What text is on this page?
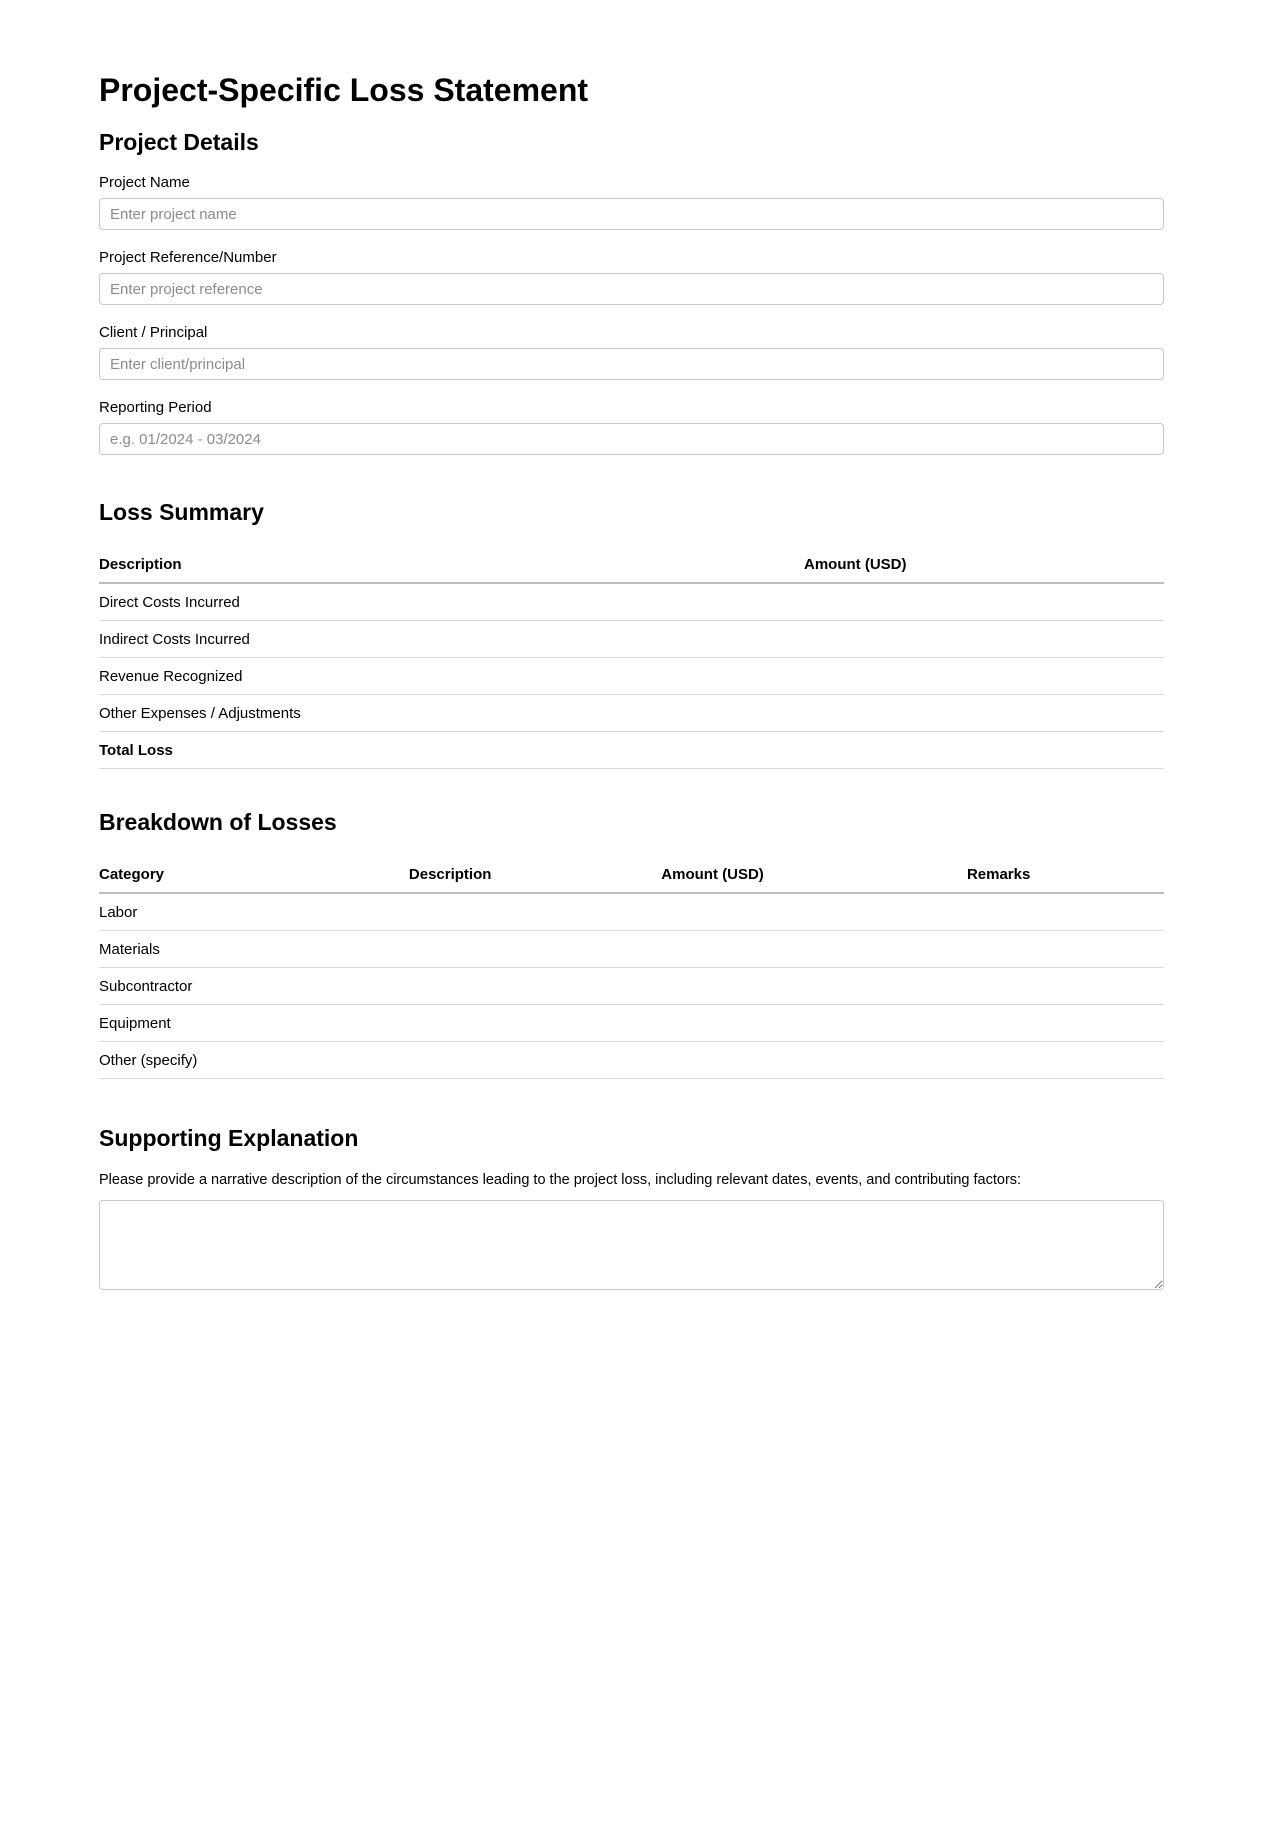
Project-Specific Loss Statement
Project Details
Project Name
Enter project name
Project Reference/Number
Enter project reference
Client / Principal
Enter client/principal
Reporting Period
e.g. 01/2024 - 03/2024
Loss Summary
Description	Amount (USD)
Direct Costs Incurred	
Indirect Costs Incurred	
Revenue Recognized	
Other Expenses / Adjustments	
Total Loss	
Breakdown of Losses
Category	Description	Amount (USD)	Remarks
Labor			
Materials			
Subcontractor			
Equipment			
Other (specify)			
Supporting Explanation

Please provide a narrative description of the circumstances leading to the project loss, including relevant dates, events, and contributing factors:
